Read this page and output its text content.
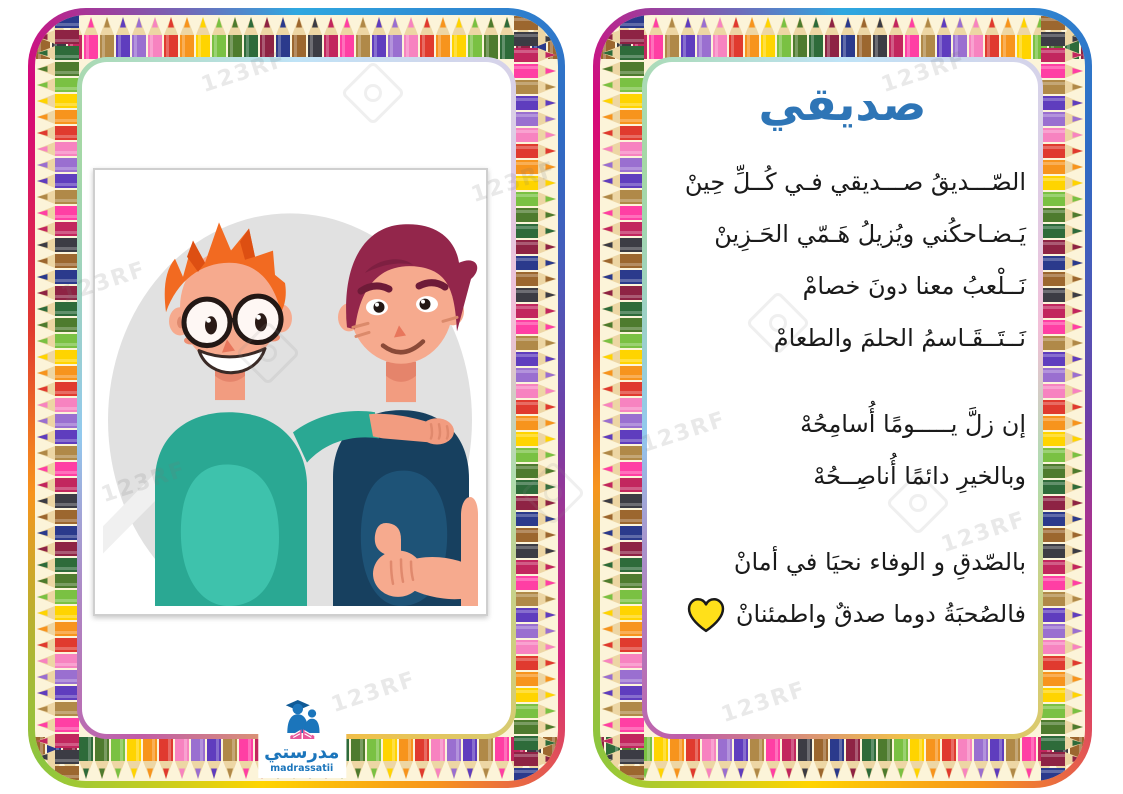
مدرستي
madrassatii
صديقي
الصّـــديقُ صـــديقي فـي كُــلِّ حِينْ
يَـضـاحكُني ويُزيلُ هَـمّي الحَـزِينْ
نَــلْعبُ معنا دونَ خصامْ
نَــتَــقَـاسمُ الحلمَ والطعامْ
إن زلَّ يـــــومًا أُسامِحُهْ
وبالخيرِ دائمًا أُناصِــحُهْ
بالصّدقِ و الوفاء نحيَا في أمانْ
فالصُحبَةُ دوما صدقٌ واطمئنانْ
